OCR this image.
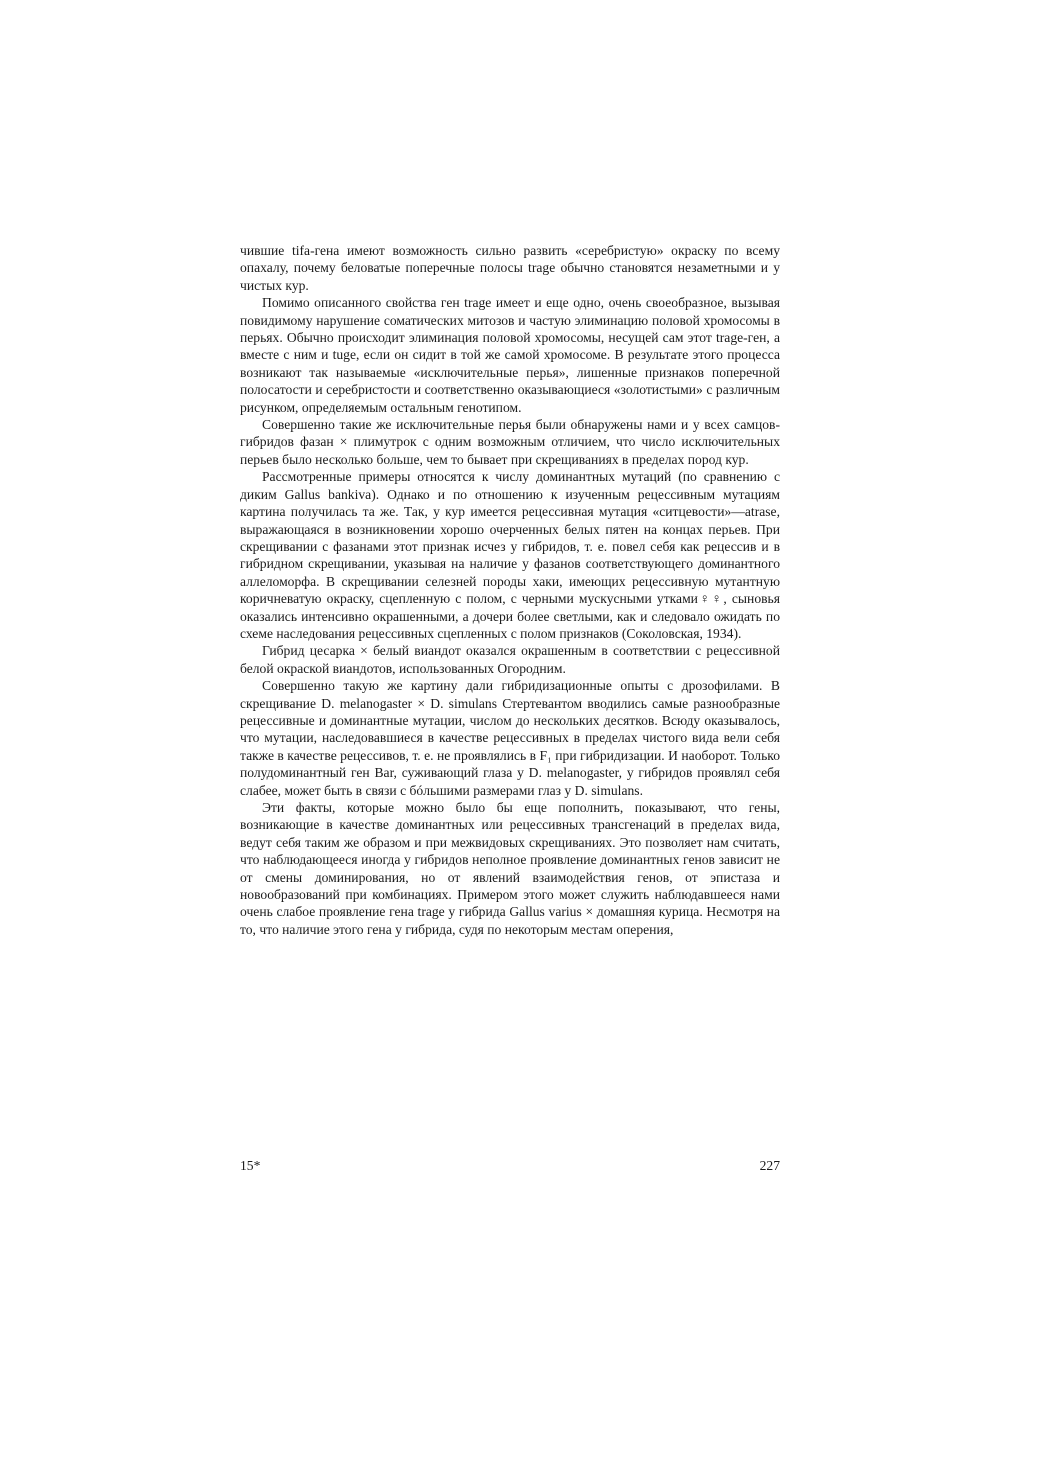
чившие tifa-гена имеют возможность сильно развить «серебристую» окраску по всему опахалу, почему беловатые поперечные полосы trage обычно становятся незаметными и у чистых кур.

Помимо описанного свойства ген trage имеет и еще одно, очень своеобразное, вызывая повидимому нарушение соматических митозов и частую элиминацию половой хромосомы в перьях. Обычно происходит элиминация половой хромосомы, несущей сам этот trage-ген, а вместе с ним и tuge, если он сидит в той же самой хромосоме. В результате этого процесса возникают так называемые «исключительные перья», лишенные признаков поперечной полосатости и серебристости и соответственно оказывающиеся «золотистыми» с различным рисунком, определяемым остальным генотипом.

Совершенно такие же исключительные перья были обнаружены нами и у всех самцов-гибридов фазан × плимутрок с одним возможным отличием, что число исключительных перьев было несколько больше, чем то бывает при скрещиваниях в пределах пород кур.

Рассмотренные примеры относятся к числу доминантных мутаций (по сравнению с диким Gallus bankiva). Однако и по отношению к изученным рецессивным мутациям картина получилась та же. Так, у кур имеется рецессивная мутация «ситцевости»—atrase, выражающаяся в возникновении хорошо очерченных белых пятен на концах перьев. При скрещивании с фазанами этот признак исчез у гибридов, т. е. повел себя как рецессив и в гибридном скрещивании, указывая на наличие у фазанов соответствующего доминантного аллеломорфа. В скрещивании селезней породы хаки, имеющих рецессивную мутантную коричневатую окраску, сцепленную с полом, с черными мускусными утками♀♀, сыновья оказались интенсивно окрашенными, а дочери более светлыми, как и следовало ожидать по схеме наследования рецессивных сцепленных с полом признаков (Соколовская, 1934).

Гибрид цесарка × белый виандот оказался окрашенным в соответствии с рецессивной белой окраской виандотов, использованных Огородним.

Совершенно такую же картину дали гибридизационные опыты с дрозофилами. В скрещивание D. melanogaster × D. simulans Стертевантом вводились самые разнообразные рецессивные и доминантные мутации, числом до нескольких десятков. Всюду оказывалось, что мутации, наследовавшиеся в качестве рецессивных в пределах чистого вида вели себя также в качестве рецессивов, т. е. не проявлялись в F₁ при гибридизации. И наоборот. Только полудоминантный ген Bar, суживающий глаза у D. melanogaster, у гибридов проявлял себя слабее, может быть в связи с бóльшими размерами глаз у D. simulans.

Эти факты, которые можно было бы еще пополнить, показывают, что гены, возникающие в качестве доминантных или рецессивных трансгенаций в пределах вида, ведут себя таким же образом и при межвидовых скрещиваниях. Это позволяет нам считать, что наблюдающееся иногда у гибридов неполное проявление доминантных генов зависит не от смены доминирования, но от явлений взаимодействия генов, от эпистаза и новообразований при комбинациях. Примером этого может служить наблюдавшееся нами очень слабое проявление гена trage у гибрида Gallus varius × домашняя курица. Несмотря на то, что наличие этого гена у гибрида, судя по некоторым местам оперения,

15*	227
